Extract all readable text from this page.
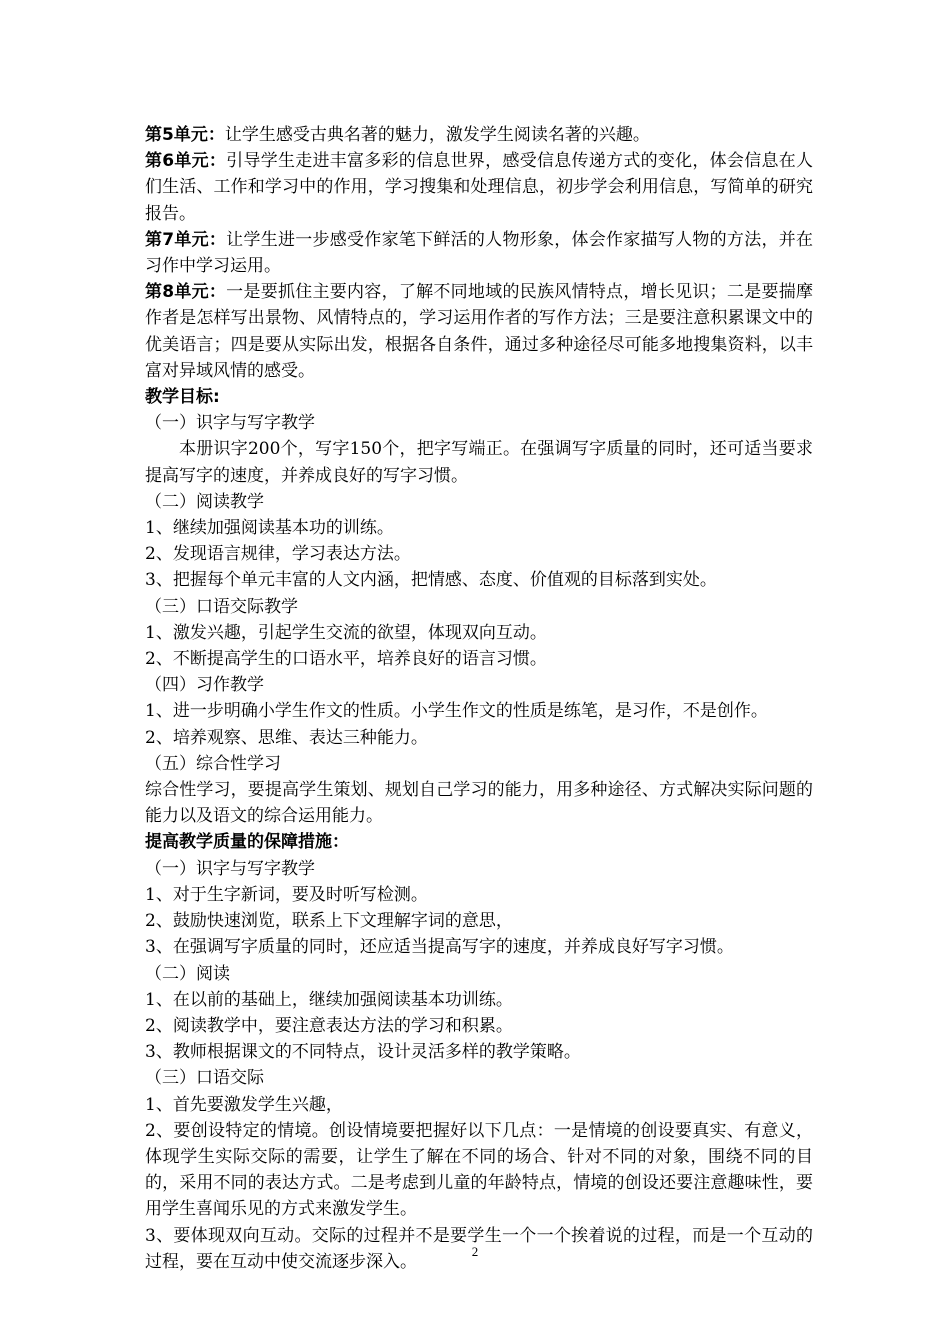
第5单元：让学生感受古典名著的魅力，激发学生阅读名著的兴趣。

第6单元：引导学生走进丰富多彩的信息世界，感受信息传递方式的变化，体会信息在人们生活、工作和学习中的作用，学习搜集和处理信息，初步学会利用信息，写简单的研究报告。

第7单元：让学生进一步感受作家笔下鲜活的人物形象，体会作家描写人物的方法，并在习作中学习运用。

第8单元：一是要抓住主要内容，了解不同地域的民族风情特点，增长见识；二是要揣摩作者是怎样写出景物、风情特点的，学习运用作者的写作方法；三是要注意积累课文中的优美语言；四是要从实际出发，根据各自条件，通过多种途径尽可能多地搜集资料，以丰富对异域风情的感受。

教学目标:

（一）识字与写字教学

本册识字200个，写字150个，把字写端正。在强调写字质量的同时，还可适当要求提高写字的速度，并养成良好的写字习惯。

（二）阅读教学

1、继续加强阅读基本功的训练。

2、发现语言规律，学习表达方法。

3、把握每个单元丰富的人文内涵，把情感、态度、价值观的目标落到实处。

（三）口语交际教学

1、激发兴趣，引起学生交流的欲望，体现双向互动。

2、不断提高学生的口语水平，培养良好的语言习惯。

（四）习作教学

1、进一步明确小学生作文的性质。小学生作文的性质是练笔，是习作，不是创作。

2、培养观察、思维、表达三种能力。

（五）综合性学习

综合性学习，要提高学生策划、规划自己学习的能力，用多种途径、方式解决实际问题的能力以及语文的综合运用能力。

提高教学质量的保障措施：

（一）识字与写字教学

1、对于生字新词，要及时听写检测。

2、鼓励快速浏览，联系上下文理解字词的意思，

3、在强调写字质量的同时，还应适当提高写字的速度，并养成良好写字习惯。

（二）阅读

1、在以前的基础上，继续加强阅读基本功训练。

2、阅读教学中，要注意表达方法的学习和积累。

3、教师根据课文的不同特点，设计灵活多样的教学策略。

（三）口语交际

1、首先要激发学生兴趣，

2、要创设特定的情境。创设情境要把握好以下几点：一是情境的创设要真实、有意义，体现学生实际交际的需要，让学生了解在不同的场合、针对不同的对象，围绕不同的目的，采用不同的表达方式。二是考虑到儿童的年龄特点，情境的创设还要注意趣味性，要用学生喜闻乐见的方式来激发学生。

3、要体现双向互动。交际的过程并不是要学生一个一个挨着说的过程，而是一个互动的过程，要在互动中使交流逐步深入。

2
